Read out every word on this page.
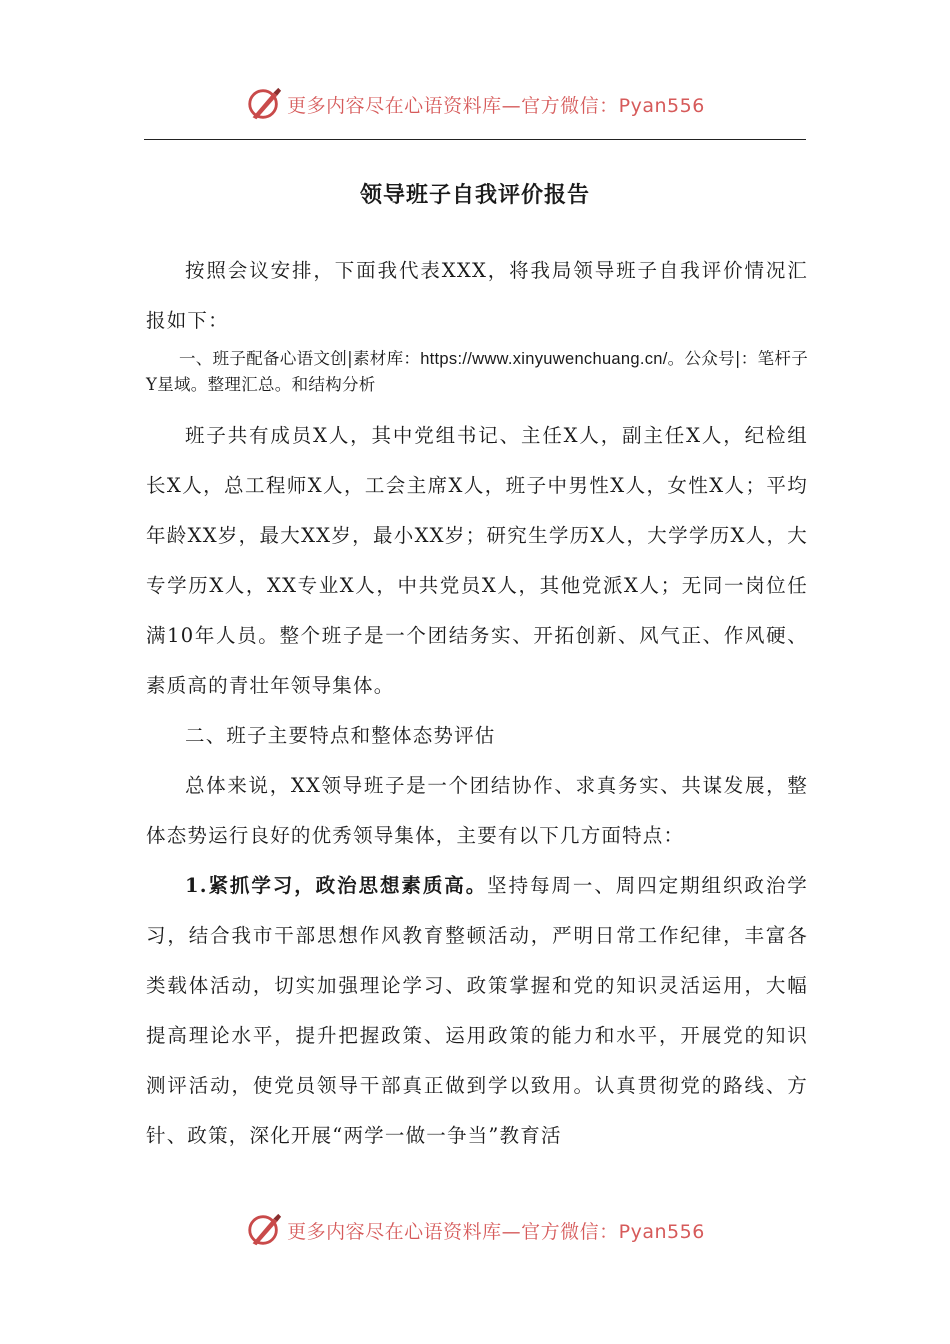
更多内容尽在心语资料库—官方微信：Pyan556
领导班子自我评价报告

按照会议安排，下面我代表XXX，将我局领导班子自我评价情况汇报如下：

一、班子配备心语文创|素材库：https://www.xinyuwenchuang.cn/。公众号|：笔杆子Y星域。整理汇总。和结构分析

班子共有成员X人，其中党组书记、主任X人，副主任X人，纪检组长X人，总工程师X人，工会主席X人，班子中男性X人，女性X人；平均年龄XX岁，最大XX岁，最小XX岁；研究生学历X人，大学学历X人，大专学历X人，XX专业X人，中共党员X人，其他党派X人；无同一岗位任满10年人员。整个班子是一个团结务实、开拓创新、风气正、作风硬、素质高的青壮年领导集体。

二、班子主要特点和整体态势评估

总体来说，XX领导班子是一个团结协作、求真务实、共谋发展，整体态势运行良好的优秀领导集体，主要有以下几方面特点：

1.紧抓学习，政治思想素质高。坚持每周一、周四定期组织政治学习，结合我市干部思想作风教育整顿活动，严明日常工作纪律，丰富各类载体活动，切实加强理论学习、政策掌握和党的知识灵活运用，大幅提高理论水平，提升把握政策、运用政策的能力和水平，开展党的知识测评活动，使党员领导干部真正做到学以致用。认真贯彻党的路线、方针、政策，深化开展“两学一做一争当”教育活

更多内容尽在心语资料库—官方微信：Pyan556
